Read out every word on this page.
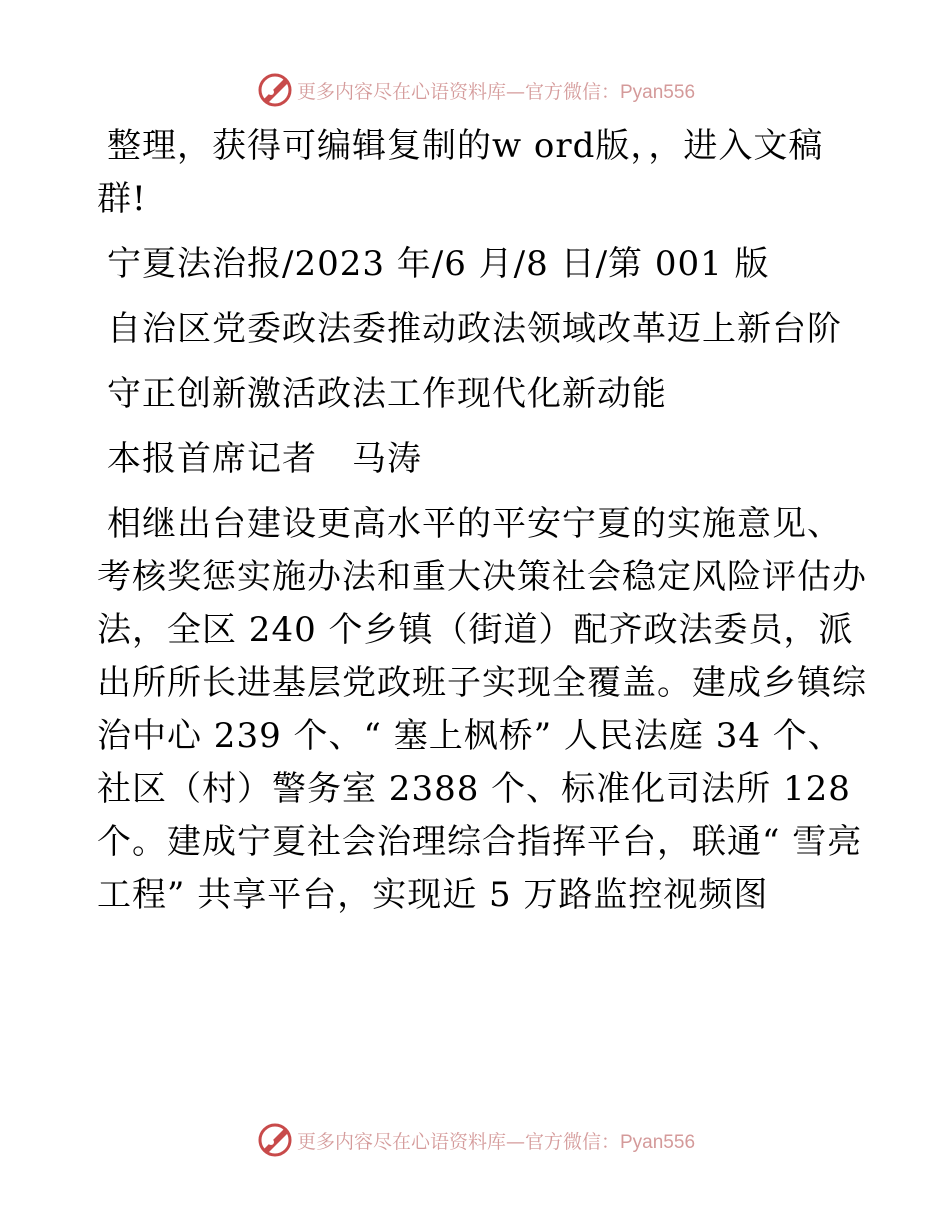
更多内容尽在心语资料库—官方微信：Pyan556

整理，获得可编辑复制的w ord版，，进入文稿群!

宁夏法治报/2023 年/6 月/8 日/第 001 版

自治区党委政法委推动政法领域改革迈上新台阶

守正创新激活政法工作现代化新动能

本报首席记者　马涛

相继出台建设更高水平的平安宁夏的实施意见、考核奖惩实施办法和重大决策社会稳定风险评估办法，全区 240 个乡镇（街道）配齐政法委员，派出所所长进基层党政班子实现全覆盖。建成乡镇综治中心 239 个、“ 塞上枫桥” 人民法庭 34 个、社区（村）警务室 2388 个、标准化司法所 128 个。建成宁夏社会治理综合指挥平台，联通“ 雪亮工程” 共享平台，实现近 5 万路监控视频图

更多内容尽在心语资料库—官方微信：Pyan556
